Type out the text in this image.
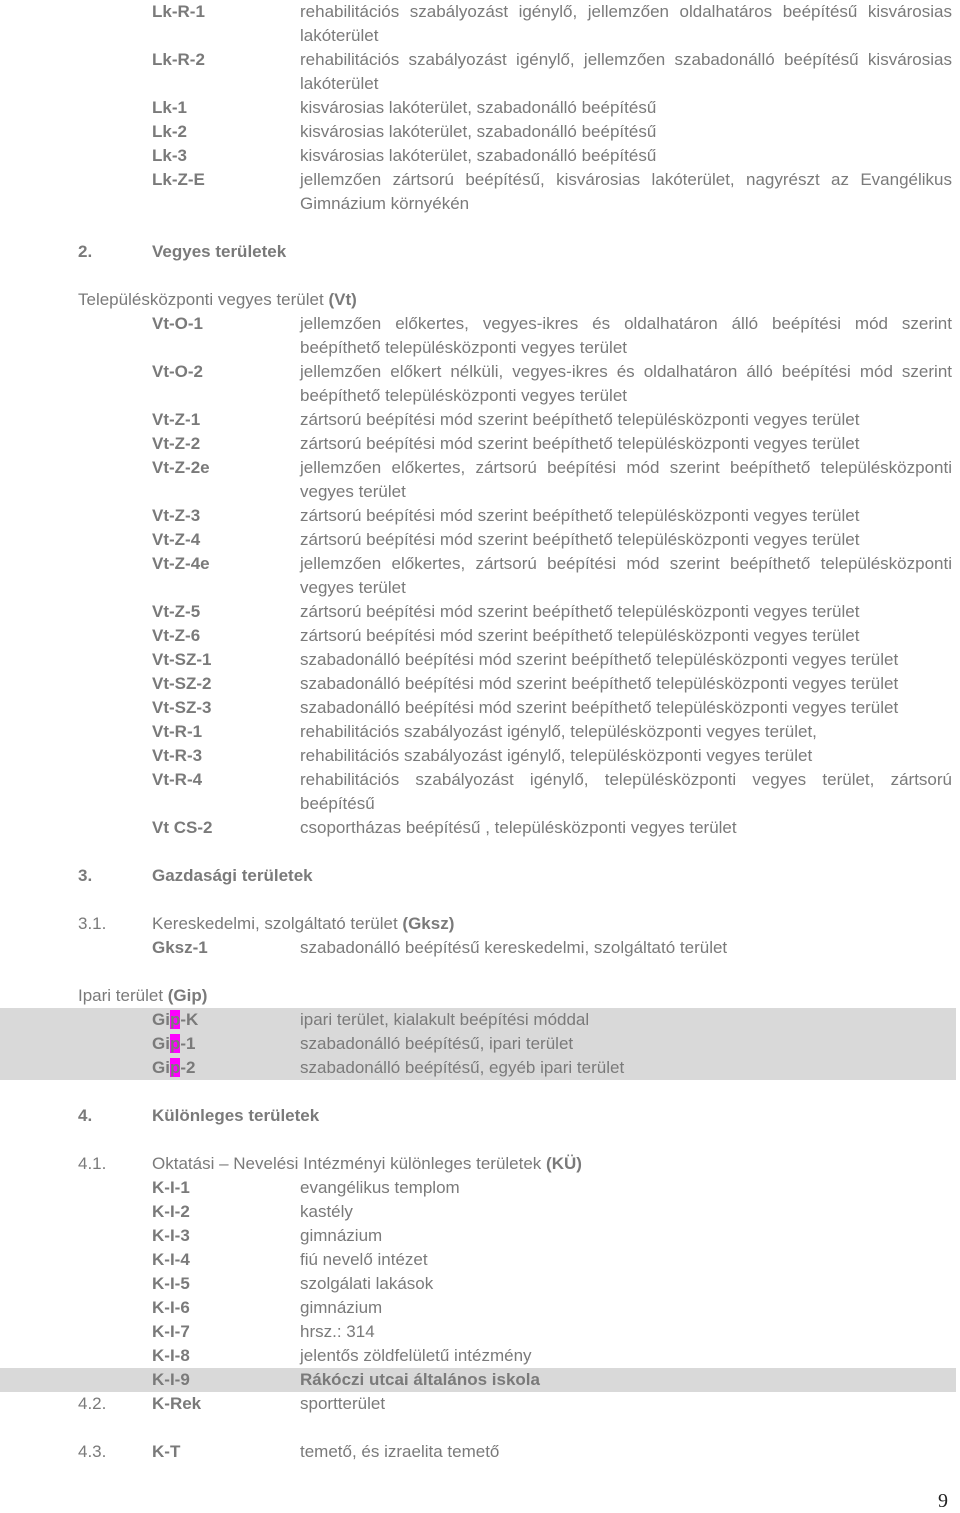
Lk-R-1	rehabilitációs szabályozást igénylő, jellemzően oldalhatáros beépítésű kisvárosias lakóterület
Lk-R-2	rehabilitációs szabályozást igénylő, jellemzően szabadonálló beépítésű kisvárosias lakóterület
Lk-1	kisvárosias lakóterület, szabadonálló beépítésű
Lk-2	kisvárosias lakóterület, szabadonálló beépítésű
Lk-3	kisvárosias lakóterület, szabadonálló beépítésű
Lk-Z-E	jellemzően zártsorú beépítésű, kisvárosias lakóterület, nagyrészt az Evangélikus Gimnázium környékén
2.	Vegyes területek
Településközponti vegyes terület (Vt)
Vt-O-1	jellemzően előkertes, vegyes-ikres és oldalhatáron álló beépítési mód szerint beépíthető településközponti vegyes terület
Vt-O-2	jellemzően előkert nélküli, vegyes-ikres és oldalhatáron álló beépítési mód szerint beépíthető településközponti vegyes terület
Vt-Z-1	zártsorú beépítési mód szerint beépíthető településközponti vegyes terület
Vt-Z-2	zártsorú beépítési mód szerint beépíthető településközponti vegyes terület
Vt-Z-2e	jellemzően előkertes, zártsorú beépítési mód szerint beépíthető településközponti vegyes terület
Vt-Z-3	zártsorú beépítési mód szerint beépíthető településközponti vegyes terület
Vt-Z-4	zártsorú beépítési mód szerint beépíthető településközponti vegyes terület
Vt-Z-4e	jellemzően előkertes, zártsorú beépítési mód szerint beépíthető településközponti vegyes terület
Vt-Z-5	zártsorú beépítési mód szerint beépíthető településközponti vegyes terület
Vt-Z-6	zártsorú beépítési mód szerint beépíthető településközponti vegyes terület
Vt-SZ-1	szabadonálló beépítési mód szerint beépíthető településközponti vegyes terület
Vt-SZ-2	szabadonálló beépítési mód szerint beépíthető településközponti vegyes terület
Vt-SZ-3	szabadonálló beépítési mód szerint beépíthető településközponti vegyes terület
Vt-R-1	rehabilitációs szabályozást igénylő, településközponti vegyes terület,
Vt-R-3	rehabilitációs szabályozást igénylő, településközponti vegyes terület
Vt-R-4	rehabilitációs szabályozást igénylő, településközponti vegyes terület, zártsorú beépítésű
Vt CS-2	csoportházas beépítésű , településközponti vegyes terület
3.	Gazdasági területek
3.1.	Kereskedelmi, szolgáltató terület (Gksz)
Gksz-1	szabadonálló beépítésű kereskedelmi, szolgáltató terület
Ipari terület (Gip)
Gip-K	ipari terület, kialakult beépítési móddal
Gip-1	szabadonálló beépítésű, ipari terület
Gip-2	szabadonálló beépítésű, egyéb ipari terület
4.	Különleges területek
4.1.	Oktatási – Nevelési Intézményi különleges területek (KÜ)
K-I-1	evangélikus templom
K-I-2	kastély
K-I-3	gimnázium
K-I-4	fiú nevelő intézet
K-I-5	szolgálati lakások
K-I-6	gimnázium
K-I-7	hrsz.: 314
K-I-8	jelentős zöldfelületű intézmény
K-I-9	Rákóczi utcai általános iskola
4.2.	K-Rek	sportterület
4.3.	K-T	temető, és izraelita temető
9
